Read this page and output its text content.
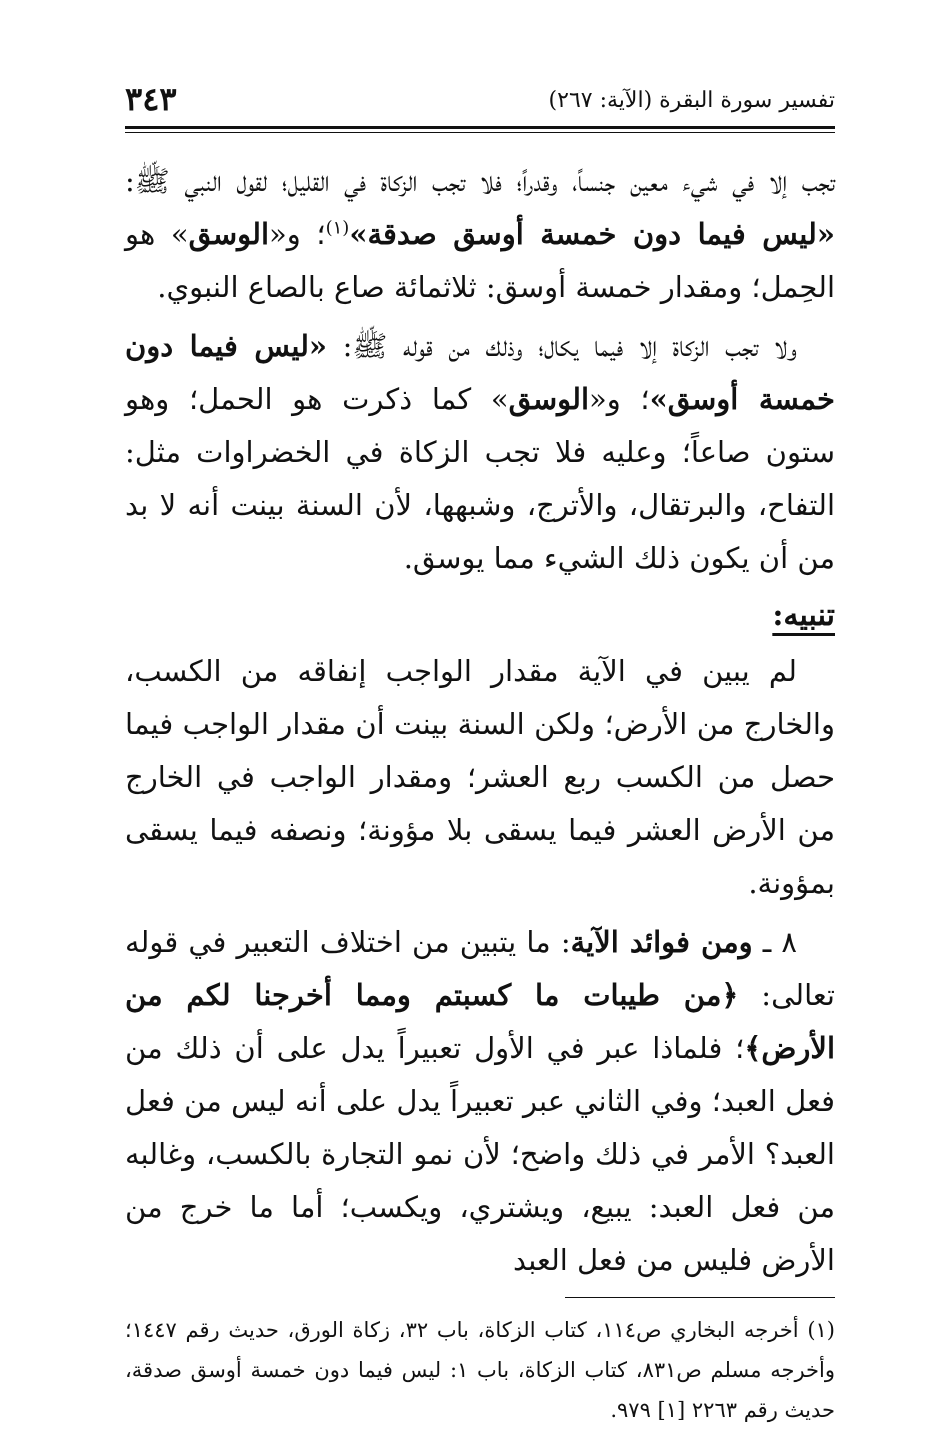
تفسير سورة البقرة (الآية: ٢٦٧)
٣٤٣

تجب إلا في شيء معين جنساً، وقدراً؛ فلا تجب الزكاة في القليل؛ لقول النبي ﷺ: «ليس فيما دون خمسة أوسق صدقة»$^{(١)}$؛ و«الوسق» هو الحِمل؛ ومقدار خمسة أوسق: ثلاثمائة صاع بالصاع النبوي.

ولا تجب الزكاة إلا فيما يكال؛ وذلك من قوله ﷺ: «ليس فيما دون خمسة أوسق»؛ و«الوسق» كما ذكرت هو الحمل؛ وهو ستون صاعاً؛ وعليه فلا تجب الزكاة في الخضراوات مثل: التفاح، والبرتقال، والأترج، وشبهها، لأن السنة بينت أنه لا بد من أن يكون ذلك الشيء مما يوسق.

تنبيه:

لم يبين في الآية مقدار الواجب إنفاقه من الكسب، والخارج من الأرض؛ ولكن السنة بينت أن مقدار الواجب فيما حصل من الكسب ربع العشر؛ ومقدار الواجب في الخارج من الأرض العشر فيما يسقى بلا مؤونة؛ ونصفه فيما يسقى بمؤونة.

٨ ـ ومن فوائد الآية: ما يتبين من اختلاف التعبير في قوله تعالى: ﴿من طيبات ما كسبتم ومما أخرجنا لكم من الأرض﴾؛ فلماذا عبر في الأول تعبيراً يدل على أن ذلك من فعل العبد؛ وفي الثاني عبر تعبيراً يدل على أنه ليس من فعل العبد؟ الأمر في ذلك واضح؛ لأن نمو التجارة بالكسب، وغالبه من فعل العبد: يبيع، ويشتري، ويكسب؛ أما ما خرج من الأرض فليس من فعل العبد

(١) أخرجه البخاري ص١١٤، كتاب الزكاة، باب ٣٢، زكاة الورق، حديث رقم ١٤٤٧؛ وأخرجه مسلم ص٨٣١، كتاب الزكاة، باب ١: ليس فيما دون خمسة أوسق صدقة، حديث رقم ٢٢٦٣ [١] ٩٧٩.
